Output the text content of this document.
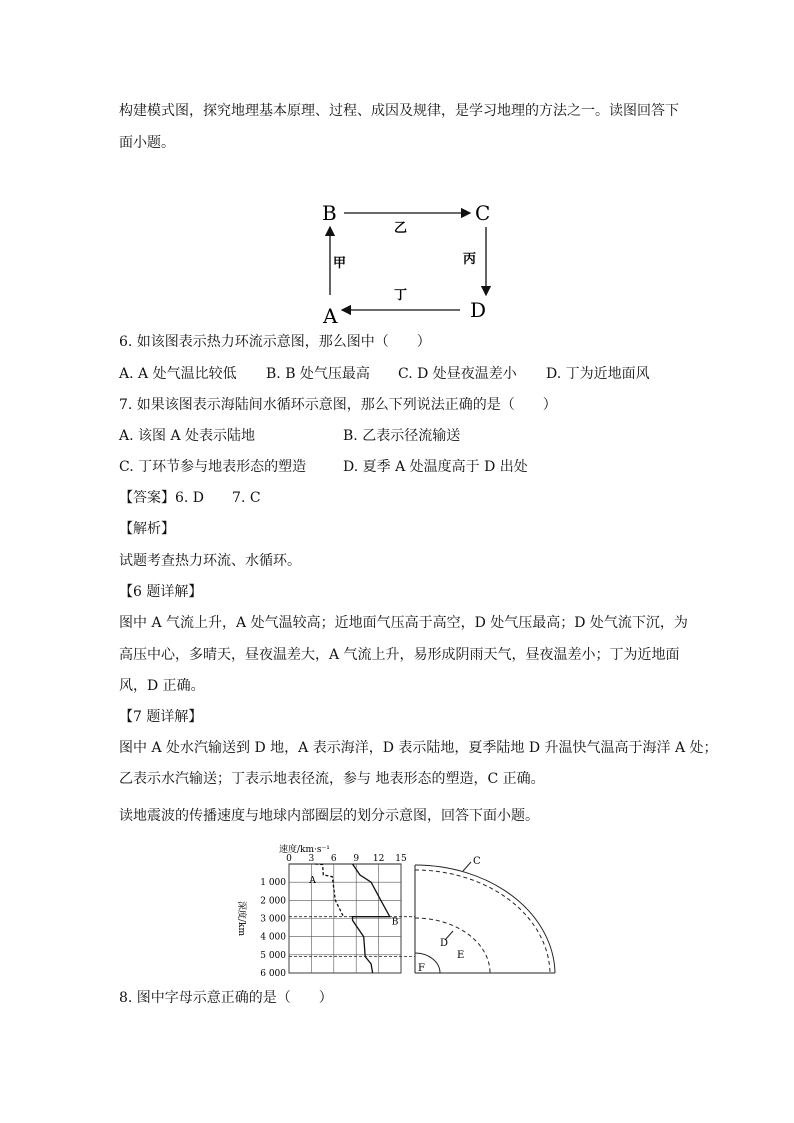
构建模式图，探究地理基本原理、过程、成因及规律，是学习地理的方法之一。读图回答下
面小题。
B	C
D
A
乙
丙
丁
甲
6. 如该图表示热力环流示意图，那么图中（　　）
A. A 处气温比较低 B. B 处气压最高 C. D 处昼夜温差小 D. 丁为近地面风
7. 如果该图表示海陆间水循环示意图，那么下列说法正确的是（　　）
A. 该图 A 处表示陆地	B. 乙表示径流输送
C. 丁环节参与地表形态的塑造	D. 夏季 A 处温度高于 D 出处
【答案】6. D　　7. C
【解析】
试题考查热力环流、水循环。
【6 题详解】
图中 A 气流上升，A 处气温较高；近地面气压高于高空，D 处气压最高；D 处气流下沉，为
高压中心，多晴天，昼夜温差大，A 气流上升，易形成阴雨天气，昼夜温差小；丁为近地面
风，D 正确。
【7 题详解】
图中 A 处水汽输送到 D 地，A 表示海洋，D 表示陆地，夏季陆地 D 升温快气温高于海洋 A 处；
乙表示水汽输送；丁表示地表径流，参与 地表形态的塑造，C 正确。
读地震波的传播速度与地球内部圈层的划分示意图，回答下面小题。
0 3 6 9 12 15
1 000
2 000
3 000
4 000
5 000
6 000
速度/km·s⁻¹
深度/km
A
B
C
D
E
F
8. 图中字母示意正确的是（　　）
